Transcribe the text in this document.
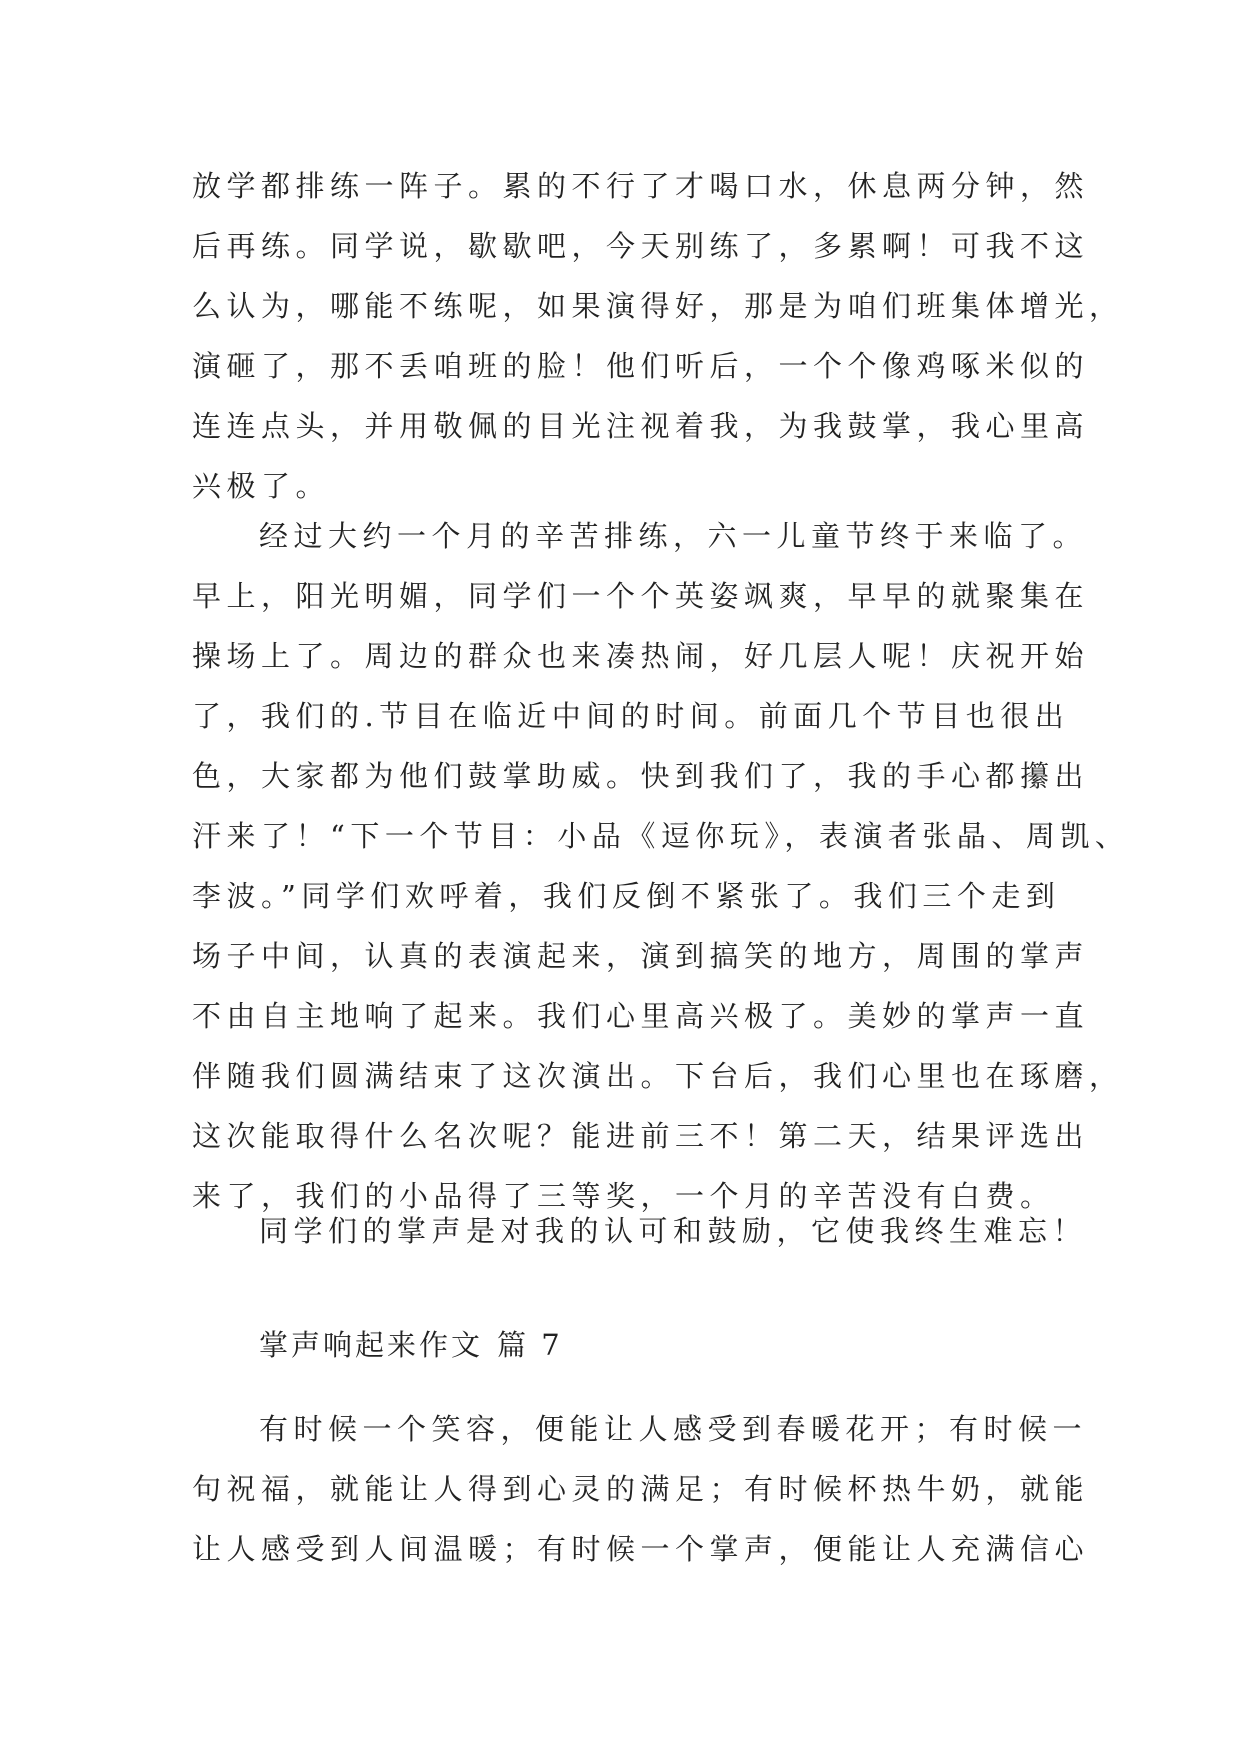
放学都排练一阵子。累的不行了才喝口水，休息两分钟，然
后再练。同学说，歇歇吧，今天别练了，多累啊！可我不这
么认为，哪能不练呢，如果演得好，那是为咱们班集体增光，
演砸了，那不丢咱班的脸！他们听后，一个个像鸡啄米似的
连连点头，并用敬佩的目光注视着我，为我鼓掌，我心里高
兴极了。
经过大约一个月的辛苦排练，六一儿童节终于来临了。
早上，阳光明媚，同学们一个个英姿飒爽，早早的就聚集在
操场上了。周边的群众也来凑热闹，好几层人呢！庆祝开始
了，我们的.节目在临近中间的时间。前面几个节目也很出
色，大家都为他们鼓掌助威。快到我们了，我的手心都攥出
汗来了！“下一个节目：小品《逗你玩》，表演者张晶、周凯、
李波。”同学们欢呼着，我们反倒不紧张了。我们三个走到
场子中间，认真的表演起来，演到搞笑的地方，周围的掌声
不由自主地响了起来。我们心里高兴极了。美妙的掌声一直
伴随我们圆满结束了这次演出。下台后，我们心里也在琢磨，
这次能取得什么名次呢？能进前三不！第二天，结果评选出
来了，我们的小品得了三等奖，一个月的辛苦没有白费。
同学们的掌声是对我的认可和鼓励，它使我终生难忘！
掌声响起来作文 篇 7
有时候一个笑容，便能让人感受到春暖花开；有时候一
句祝福，就能让人得到心灵的满足；有时候杯热牛奶，就能
让人感受到人间温暖；有时候一个掌声，便能让人充满信心
